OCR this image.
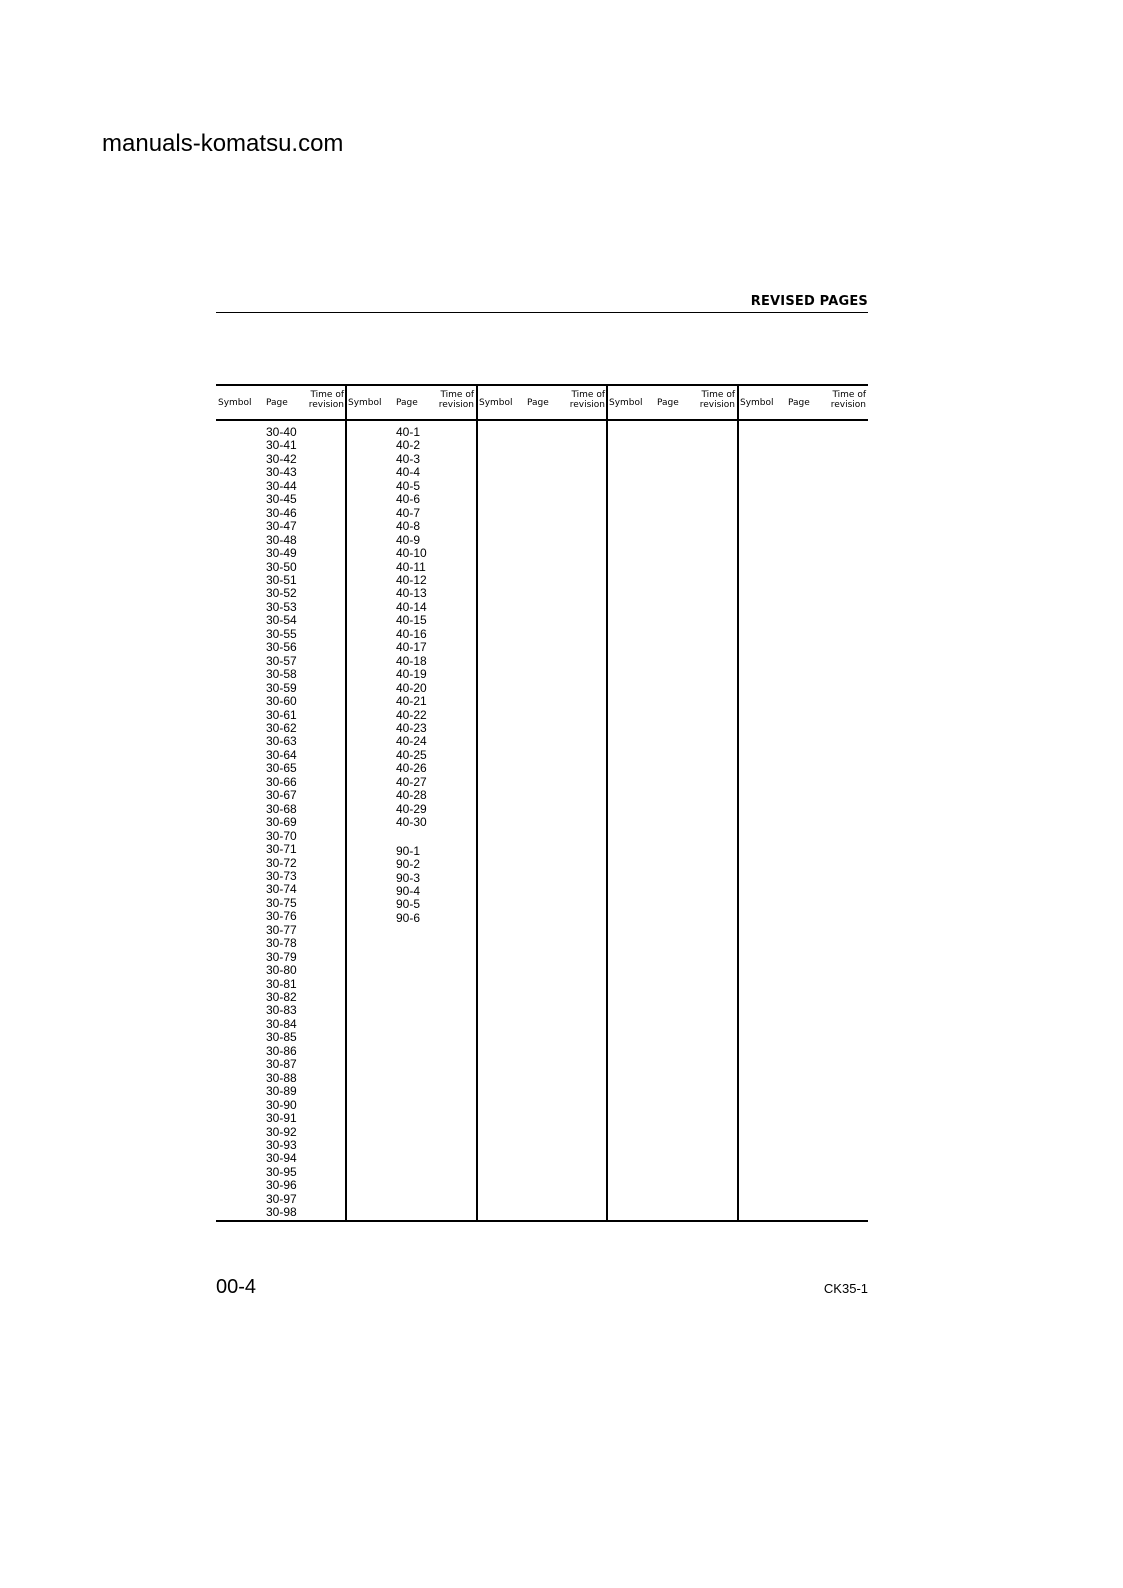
manuals-komatsu.com
REVISED PAGES
Symbol Page
Time of
revision Symbol Page
Time of
revision Symbol Page
Time of
revision Symbol Page
Time of
revision Symbol Page
Time of
revision
30-40
30-41
30-42
30-43
30-44
30-45
30-46
30-47
30-48
30-49
30-50
30-51
30-52
30-53
30-54
30-55
30-56
30-57
30-58
30-59
30-60
30-61
30-62
30-63
30-64
30-65
30-66
30-67
30-68
30-69
30-70
30-71
30-72
30-73
30-74
30-75
30-76
30-77
30-78
30-79
30-80
30-81
30-82
30-83
30-84
30-85
30-86
30-87
30-88
30-89
30-90
30-91
30-92
30-93
30-94
30-95
30-96
30-97
30-98
40-1
40-2
40-3
40-4
40-5
40-6
40-7
40-8
40-9
40-10
40-11
40-12
40-13
40-14
40-15
40-16
40-17
40-18
40-19
40-20
40-21
40-22
40-23
40-24
40-25
40-26
40-27
40-28
40-29
40-30
90-1
90-2
90-3
90-4
90-5
90-6
00-4	CK35-1
